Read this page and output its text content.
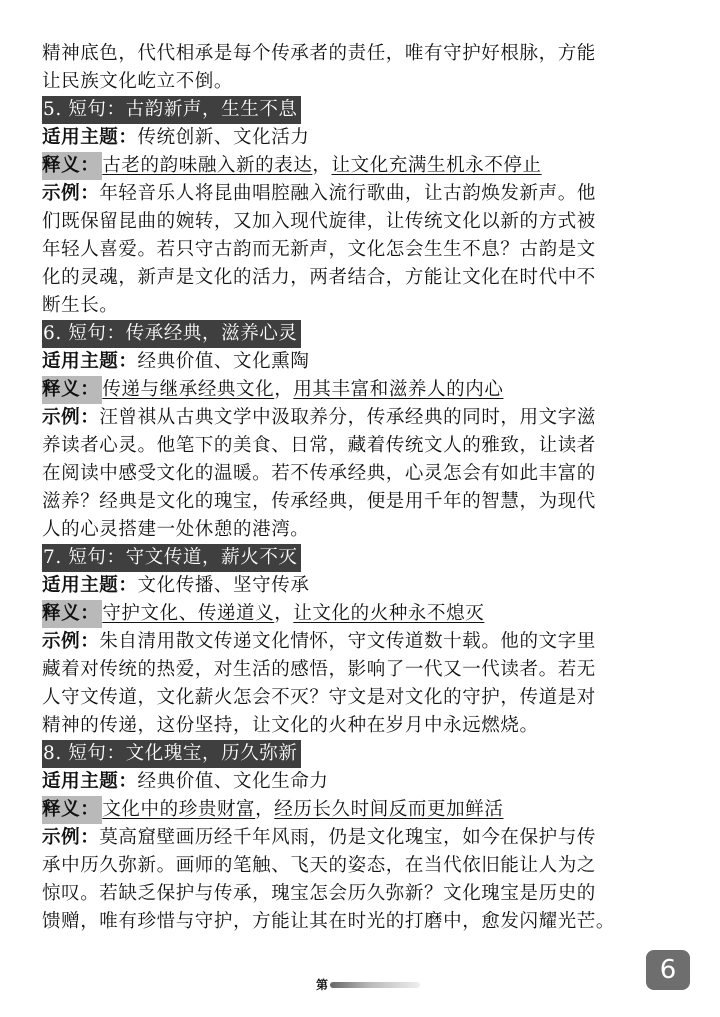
精神底色，代代相承是每个传承者的责任，唯有守护好根脉，方能
让民族文化屹立不倒。
5. 短句：古韵新声，生生不息
适用主题：传统创新、文化活力
释义： 古老的韵味融入新的表达，让文化充满生机永不停止
示例：年轻音乐人将昆曲唱腔融入流行歌曲，让古韵焕发新声。他
们既保留昆曲的婉转，又加入现代旋律，让传统文化以新的方式被
年轻人喜爱。若只守古韵而无新声，文化怎会生生不息？古韵是文
化的灵魂，新声是文化的活力，两者结合，方能让文化在时代中不
断生长。
6. 短句：传承经典，滋养心灵
适用主题：经典价值、文化熏陶
释义： 传递与继承经典文化，用其丰富和滋养人的内心
示例：汪曾祺从古典文学中汲取养分，传承经典的同时，用文字滋
养读者心灵。他笔下的美食、日常，藏着传统文人的雅致，让读者
在阅读中感受文化的温暖。若不传承经典，心灵怎会有如此丰富的
滋养？经典是文化的瑰宝，传承经典，便是用千年的智慧，为现代
人的心灵搭建一处休憩的港湾。
7. 短句：守文传道，薪火不灭
适用主题：文化传播、坚守传承
释义： 守护文化、传递道义，让文化的火种永不熄灭
示例：朱自清用散文传递文化情怀，守文传道数十载。他的文字里
藏着对传统的热爱，对生活的感悟，影响了一代又一代读者。若无
人守文传道，文化薪火怎会不灭？守文是对文化的守护，传道是对
精神的传递，这份坚持，让文化的火种在岁月中永远燃烧。
8. 短句：文化瑰宝，历久弥新
适用主题：经典价值、文化生命力
释义： 文化中的珍贵财富，经历长久时间反而更加鲜活
示例：莫高窟壁画历经千年风雨，仍是文化瑰宝，如今在保护与传
承中历久弥新。画师的笔触、飞天的姿态，在当代依旧能让人为之
惊叹。若缺乏保护与传承，瑰宝怎会历久弥新？文化瑰宝是历史的
馈赠，唯有珍惜与守护，方能让其在时光的打磨中，愈发闪耀光芒。
第	6
